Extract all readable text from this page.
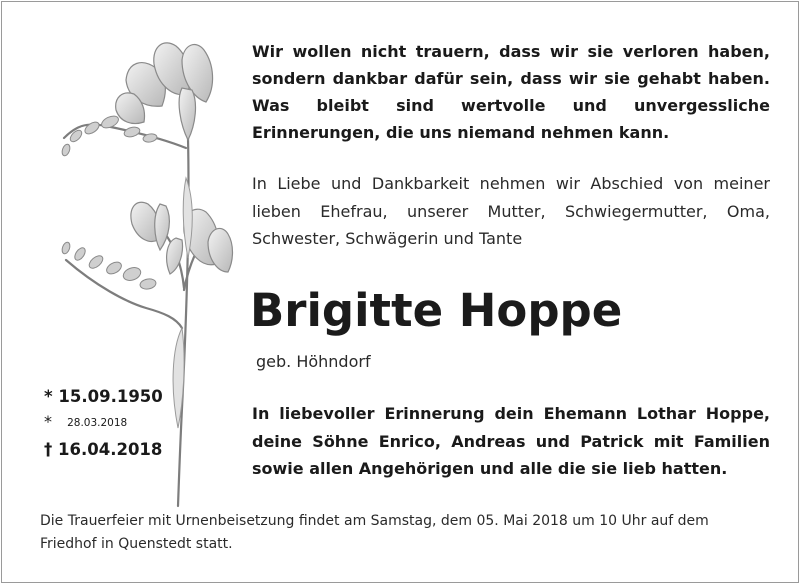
Wir wollen nicht trauern, dass wir sie verloren haben, sondern dankbar dafür sein, dass wir sie gehabt haben. Was bleibt sind wertvolle und unvergessliche Erinnerungen, die uns niemand nehmen kann.

In Liebe und Dankbarkeit nehmen wir Abschied von meiner lieben Ehefrau, unserer Mutter, Schwiegermutter, Oma, Schwester, Schwägerin und Tante

Brigitte Hoppe

geb. Höhndorf

* 15.09.1950
* 28.03.2018
† 16.04.2018

In liebevoller Erinnerung dein Ehemann Lothar Hoppe, deine Söhne Enrico, Andreas und Patrick mit Familien sowie allen Angehörigen und alle die sie lieb hatten.

Die Trauerfeier mit Urnenbeisetzung findet am Samstag, dem 05. Mai 2018 um 10 Uhr auf dem Friedhof in Quenstedt statt.
